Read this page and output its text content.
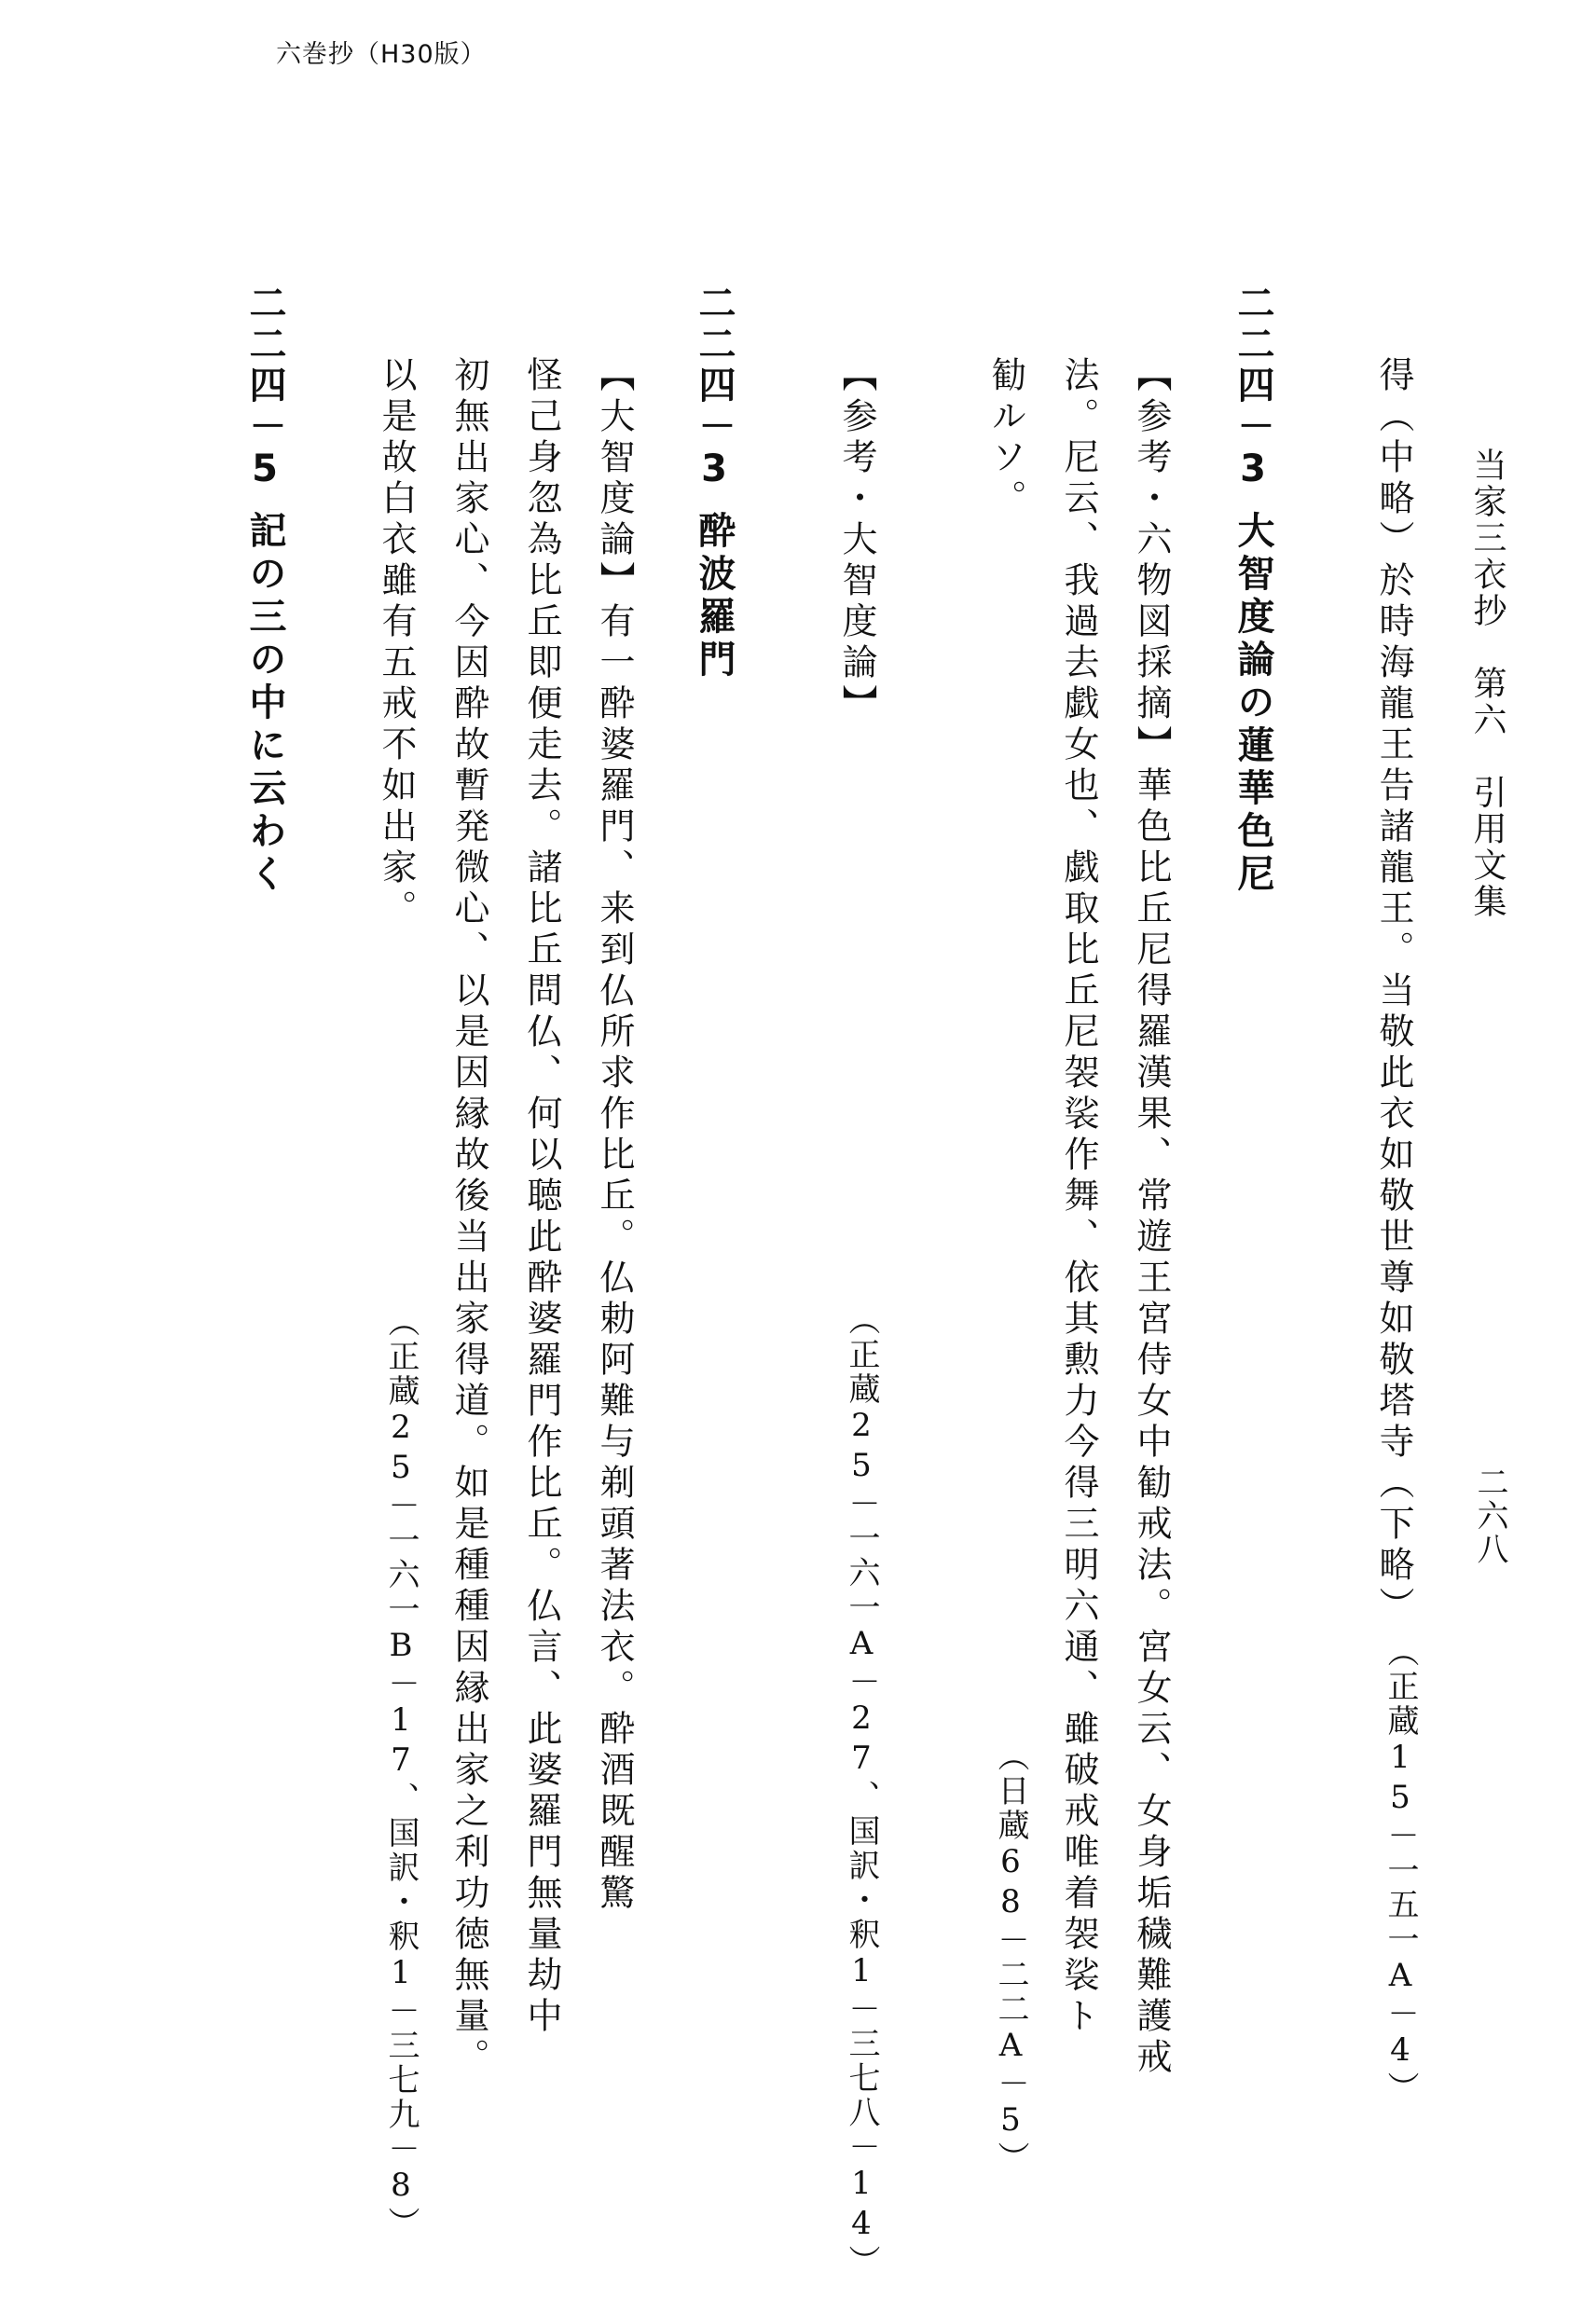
六巻抄（H30版）
当家三衣抄　第六　引用文集
二六八
得（中略）於時海龍王告諸龍王。当敬此衣如敬世尊如敬塔寺（下略）
（正蔵15－一五一A－4）
二二四－3
大智度論の蓮華色尼
【参考・六物図採摘】華色比丘尼得羅漢果、常遊王宮侍女中勧戒法。宮女云、女身垢穢難護戒
法。尼云、我過去戯女也、戯取比丘尼袈裟作舞、依其勲力今得三明六通、雖破戒唯着袈裟ト
勧ルソ。
（日蔵68－二二A－5）
【参考・大智度論】
（正蔵25－一六一A－27、国訳・釈1－三七八－14）
二二四－3
酔波羅門
【大智度論】有一酔婆羅門、来到仏所求作比丘。仏勅阿難与剃頭著法衣。酔酒既醒驚
怪己身忽為比丘即便走去。諸比丘問仏、何以聴此酔婆羅門作比丘。仏言、此婆羅門無量劫中
初無出家心、今因酔故暫発微心、以是因縁故後当出家得道。如是種種因縁出家之利功徳無量。
以是故白衣雖有五戒不如出家。
（正蔵25－一六一B－17、国訳・釈1－三七九－8）
二二四－5
記の三の中に云わく
